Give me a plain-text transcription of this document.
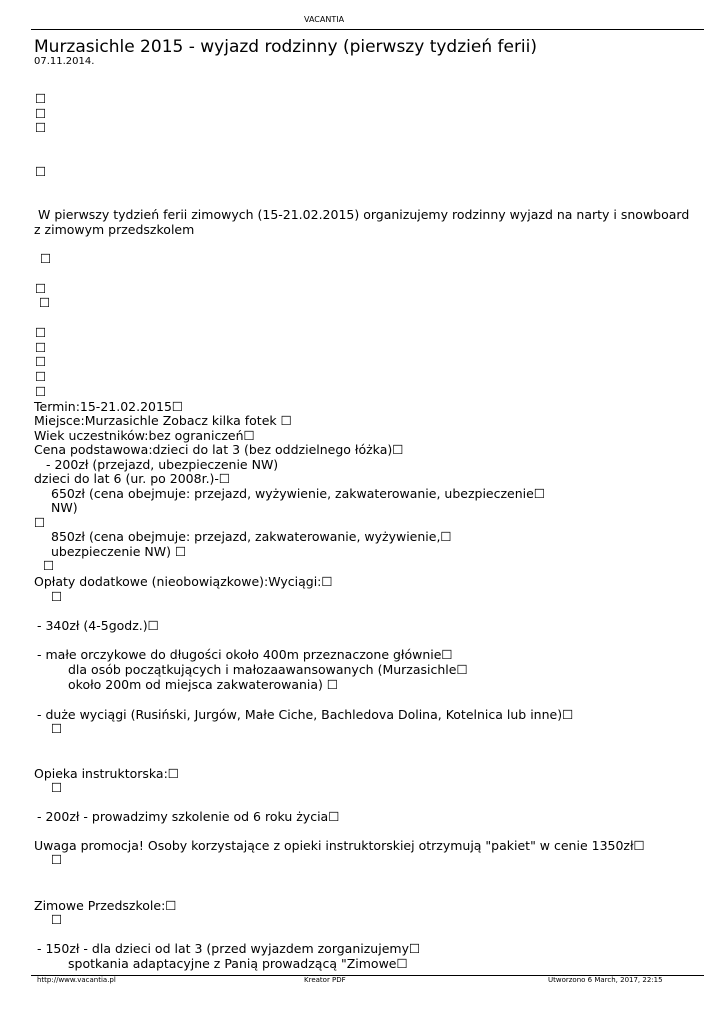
VACANTIA
Murzasichle 2015 - wyjazd rodzinny (pierwszy tydzień ferii)
07.11.2014.
☐
☐
☐
☐
W pierwszy tydzień ferii zimowych (15-21.02.2015) organizujemy rodzinny wyjazd na narty i snowboard
z zimowym przedszkolem
☐
☐
☐
☐
☐
☐
☐
☐
Termin:15-21.02.2015☐
Miejsce:Murzasichle Zobacz kilka fotek ☐
Wiek uczestników:bez ograniczeń☐
Cena podstawowa:dzieci do lat 3 (bez oddzielnego łóżka)☐
- 200zł (przejazd, ubezpieczenie NW)
dzieci do lat 6 (ur. po 2008r.)-☐
650zł (cena obejmuje: przejazd, wyżywienie, zakwaterowanie, ubezpieczenie☐
NW)
☐
850zł (cena obejmuje: przejazd, zakwaterowanie, wyżywienie,☐
ubezpieczenie NW) ☐
☐
Opłaty dodatkowe (nieobowiązkowe):Wyciągi:☐
☐
- 340zł (4-5godz.)☐
- małe orczykowe do długości około 400m przeznaczone głównie☐
dla osób początkujących i małozaawansowanych (Murzasichle☐
około 200m od miejsca zakwaterowania) ☐
- duże wyciągi (Rusiński, Jurgów, Małe Ciche, Bachledova Dolina, Kotelnica lub inne)☐
☐
Opieka instruktorska:☐
☐
- 200zł - prowadzimy szkolenie od 6 roku życia☐
Uwaga promocja! Osoby korzystające z opieki instruktorskiej otrzymują "pakiet" w cenie 1350zł☐
☐
Zimowe Przedszkole:☐
☐
- 150zł - dla dzieci od lat 3 (przed wyjazdem zorganizujemy☐
spotkania adaptacyjne z Panią prowadzącą "Zimowe☐
http://www.vacantia.pl	Kreator PDF	Utworzono 6 March, 2017, 22:15
